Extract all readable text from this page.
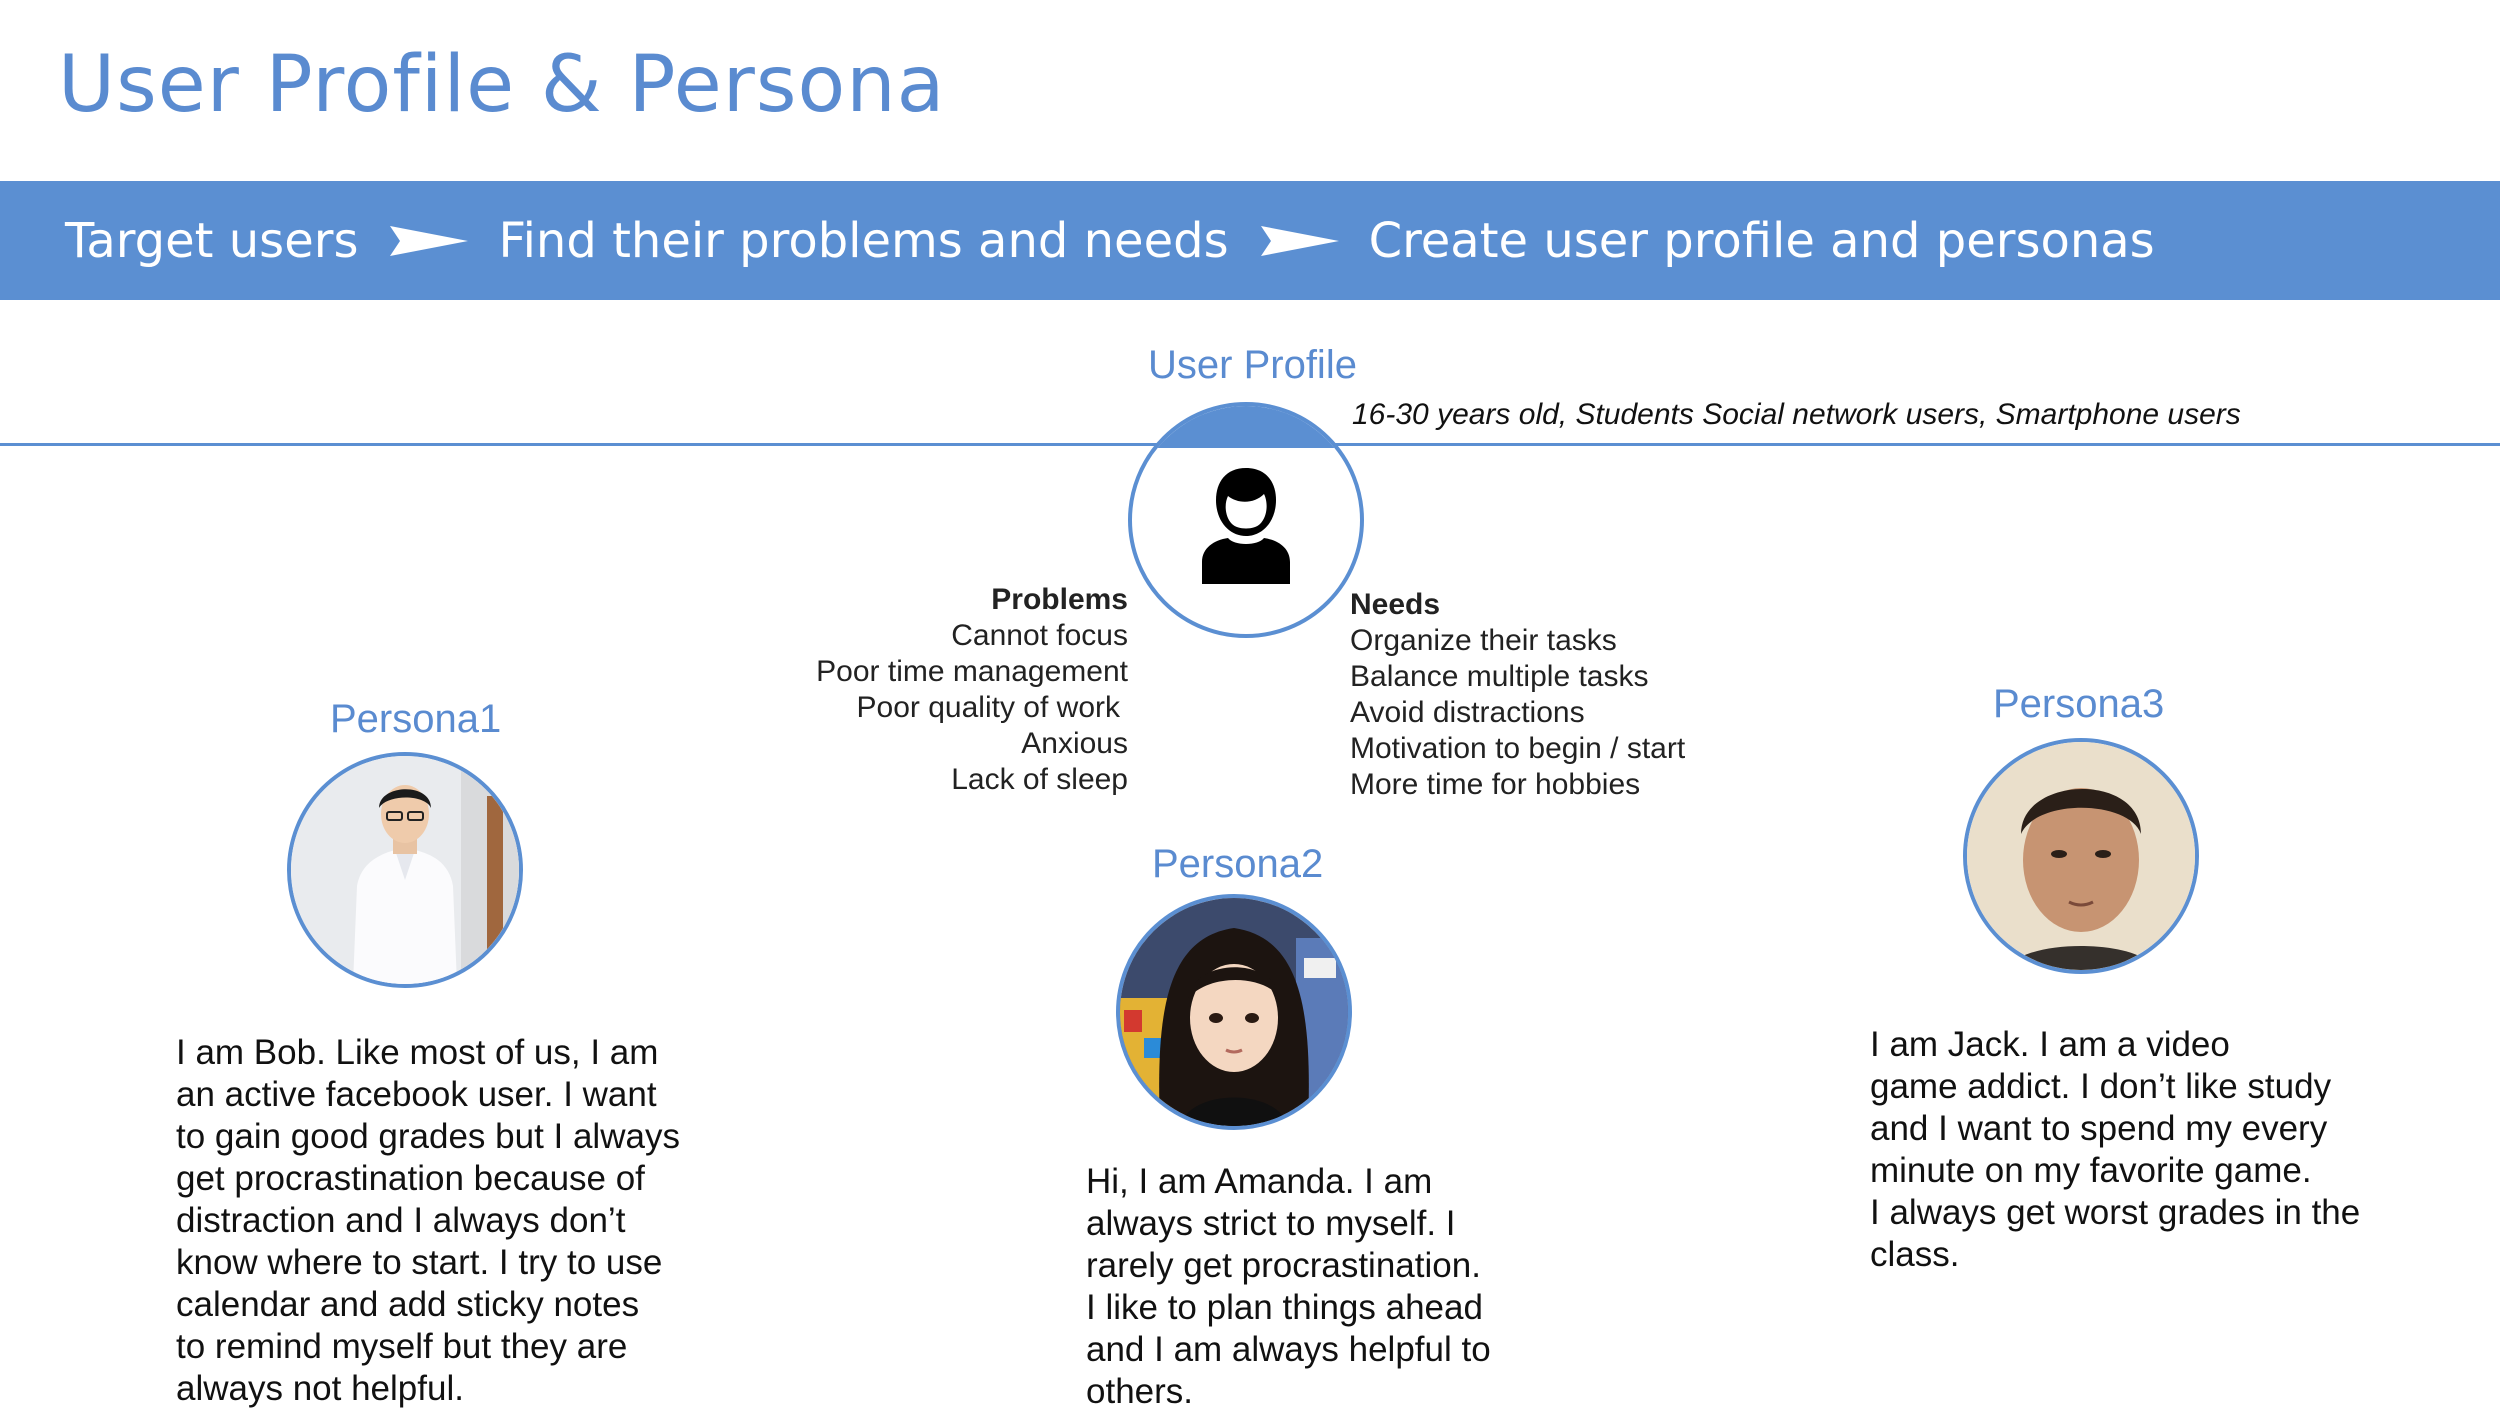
User Profile & Persona
Target users	Find their problems and needs	Create user profile and personas
User Profile
16-30 years old, Students Social network users, Smartphone users
Problems
Cannot focus
Poor time management
Poor quality of work
Anxious
Lack of sleep
Needs
Organize their tasks
Balance multiple tasks
Avoid distractions
Motivation to begin / start
More time for hobbies
Persona1
I am Bob. Like most of us, I am
an active facebook user. I want
to gain good grades but I always
get procrastination because of
distraction and I always don’t
know where to start. I try to use
calendar and add sticky notes
to remind myself but they are
always not helpful.
Persona2
Hi, I am Amanda. I am
always strict to myself. I
rarely get procrastination.
I like to plan things ahead
and I am always helpful to
others.
Persona3
I am Jack. I am a video
game addict. I don’t like study
and I want to spend my every
minute on my favorite game.
I always get worst grades in the
class.
